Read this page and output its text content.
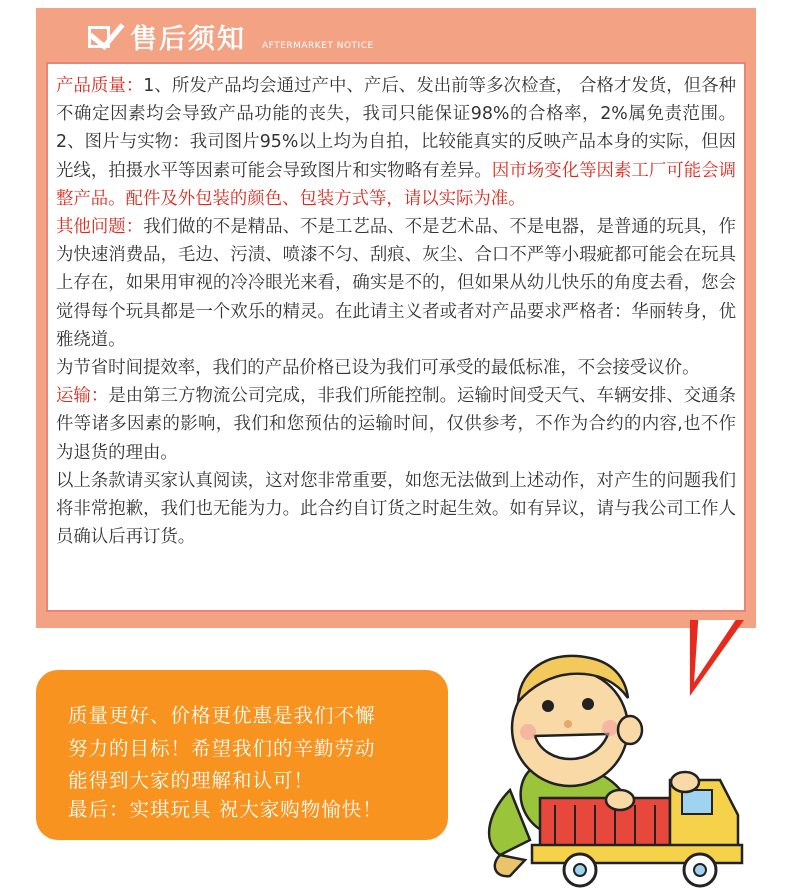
售后须知 AFTERMARKET NOTICE

产品质量：1、所发产品均会通过产中、产后、发出前等多次检查， 合格才发货，但各种不确定因素均会导致产品功能的丧失，我司只能保证98%的合格率，2%属免责范围。2、图片与实物：我司图片95%以上均为自拍，比较能真实的反映产品本身的实际，但因光线，拍摄水平等因素可能会导致图片和实物略有差异。因市场变化等因素工厂可能会调整产品。配件及外包装的颜色、包装方式等，请以实际为准。

其他问题：我们做的不是精品、不是工艺品、不是艺术品、不是电器，是普通的玩具，作为快速消费品，毛边、污渍、喷漆不匀、刮痕、灰尘、合口不严等小瑕疵都可能会在玩具上存在，如果用审视的冷冷眼光来看，确实是不的，但如果从幼儿快乐的角度去看，您会觉得每个玩具都是一个欢乐的精灵。在此请主义者或者对产品要求严格者：华丽转身，优雅绕道。

为节省时间提效率，我们的产品价格已设为我们可承受的最低标准，不会接受议价。

运输：是由第三方物流公司完成，非我们所能控制。运输时间受天气、车辆安排、交通条件等诸多因素的影响，我们和您预估的运输时间，仅供参考，不作为合约的内容,也不作为退货的理由。

以上条款请买家认真阅读，这对您非常重要，如您无法做到上述动作，对产生的问题我们将非常抱歉，我们也无能为力。此合约自订货之时起生效。如有异议，请与我公司工作人员确认后再订货。

质量更好、价格更优惠是我们不懈

努力的目标！希望我们的辛勤劳动

能得到大家的理解和认可！

最后：实琪玩具 祝大家购物愉快！
